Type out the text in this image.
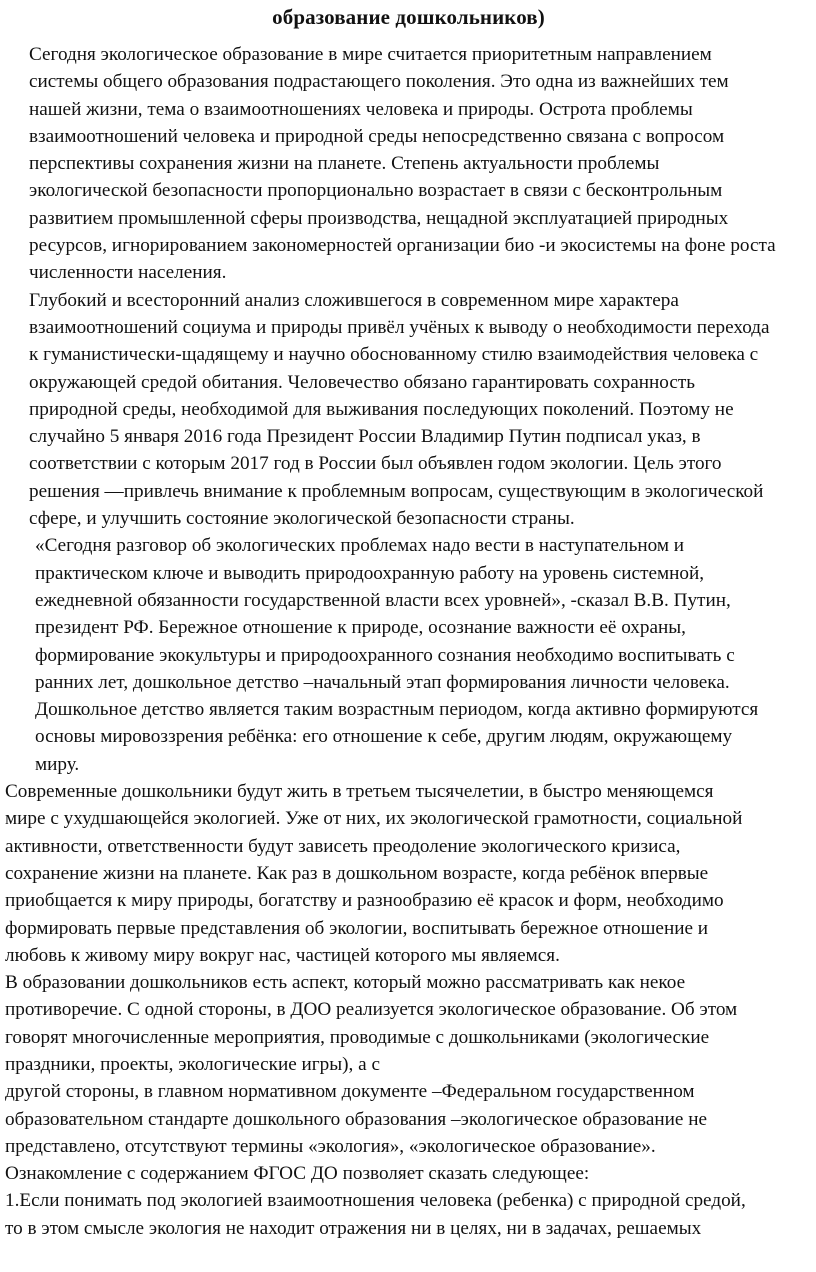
образование дошкольников)

Сегодня экологическое образование в мире считается приоритетным направлением
системы общего образования подрастающего поколения. Это одна из важнейших тем
нашей жизни, тема о взаимоотношениях человека и природы. Острота проблемы
взаимоотношений человека и природной среды непосредственно связана с вопросом
перспективы сохранения жизни на планете. Степень актуальности проблемы
экологической безопасности пропорционально возрастает в связи с бесконтрольным
развитием промышленной сферы производства, нещадной эксплуатацией природных
ресурсов, игнорированием закономерностей организации био -и экосистемы на фоне роста
численности населения.

Глубокий и всесторонний анализ сложившегося в современном мире характера
взаимоотношений социума и природы привёл учёных к выводу о необходимости перехода
к гуманистически-щадящему и научно обоснованному стилю взаимодействия человека с
окружающей средой обитания. Человечество обязано гарантировать сохранность
природной среды, необходимой для выживания последующих поколений. Поэтому не
случайно 5 января 2016 года Президент России Владимир Путин подписал указ, в
соответствии с которым 2017 год в России был объявлен годом экологии. Цель этого
решения —привлечь внимание к проблемным вопросам, существующим в экологической
сфере, и улучшить состояние экологической безопасности страны.

«Сегодня разговор об экологических проблемах надо вести в наступательном и
практическом ключе и выводить природоохранную работу на уровень системной,
ежедневной обязанности государственной власти всех уровней», -сказал В.В. Путин,
президент РФ. Бережное отношение к природе, осознание важности её охраны,
формирование экокультуры и природоохранного сознания необходимо воспитывать с
ранних лет, дошкольное детство –начальный этап формирования личности человека.
Дошкольное детство является таким возрастным периодом, когда активно формируются
основы мировоззрения ребёнка: его отношение к себе, другим людям, окружающему
миру.

Современные дошкольники будут жить в третьем тысячелетии, в быстро меняющемся
мире с ухудшающейся экологией. Уже от них, их экологической грамотности, социальной
активности, ответственности будут зависеть преодоление экологического кризиса,
сохранение жизни на планете. Как раз в дошкольном возрасте, когда ребёнок впервые
приобщается к миру природы, богатству и разнообразию её красок и форм, необходимо
формировать первые представления об экологии, воспитывать бережное отношение и
любовь к живому миру вокруг нас, частицей которого мы являемся.

В образовании дошкольников есть аспект, который можно рассматривать как некое
противоречие. С одной стороны, в ДОО реализуется экологическое образование. Об этом
говорят многочисленные мероприятия, проводимые с дошкольниками (экологические
праздники, проекты, экологические игры), а с
другой стороны, в главном нормативном документе –Федеральном государственном
образовательном стандарте дошкольного образования –экологическое образование не
представлено, отсутствуют термины «экология», «экологическое образование».
Ознакомление с содержанием ФГОС ДО позволяет сказать следующее:
1.Если понимать под экологией взаимоотношения человека (ребенка) с природной средой,
то в этом смысле экология не находит отражения ни в целях, ни в задачах, решаемых
